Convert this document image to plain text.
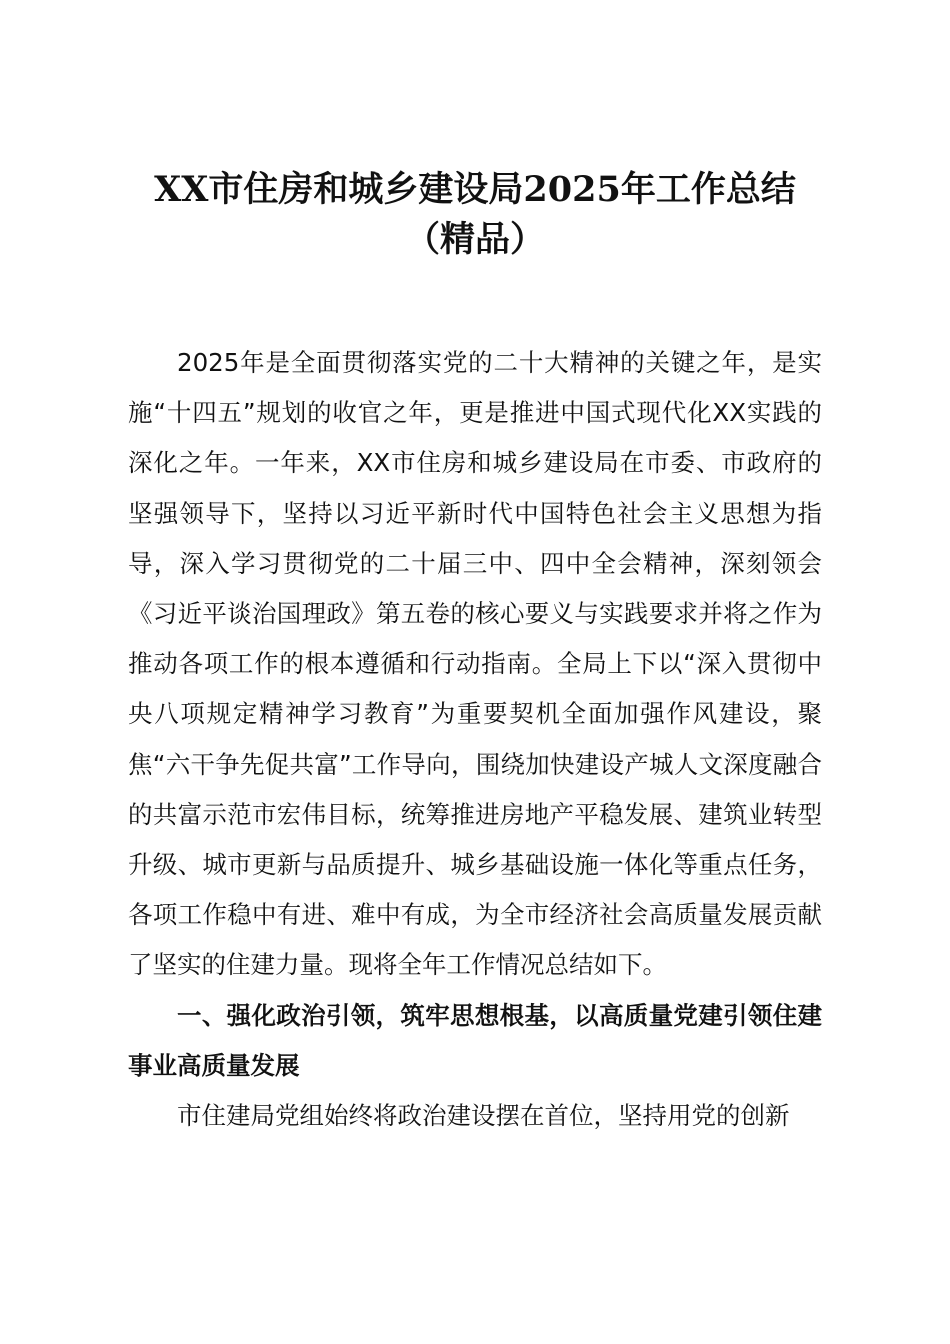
XX市住房和城乡建设局2025年工作总结（精品）

2025年是全面贯彻落实党的二十大精神的关键之年，是实施“十四五”规划的收官之年，更是推进中国式现代化XX实践的深化之年。一年来，XX市住房和城乡建设局在市委、市政府的坚强领导下，坚持以习近平新时代中国特色社会主义思想为指导，深入学习贯彻党的二十届三中、四中全会精神，深刻领会《习近平谈治国理政》第五卷的核心要义与实践要求并将之作为推动各项工作的根本遵循和行动指南。全局上下以“深入贯彻中央八项规定精神学习教育”为重要契机全面加强作风建设，聚焦“六干争先促共富”工作导向，围绕加快建设产城人文深度融合的共富示范市宏伟目标，统筹推进房地产平稳发展、建筑业转型升级、城市更新与品质提升、城乡基础设施一体化等重点任务，各项工作稳中有进、难中有成，为全市经济社会高质量发展贡献了坚实的住建力量。现将全年工作情况总结如下。

一、强化政治引领，筑牢思想根基，以高质量党建引领住建事业高质量发展

市住建局党组始终将政治建设摆在首位，坚持用党的创新
